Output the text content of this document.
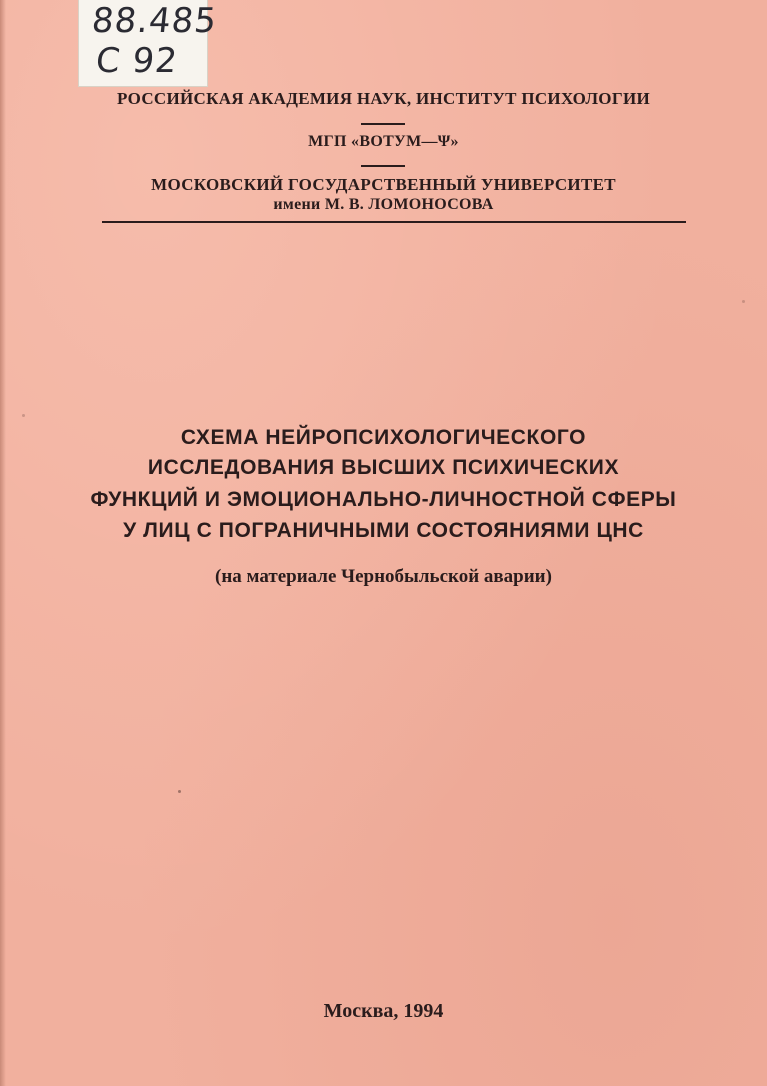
88.485
С 92
РОССИЙСКАЯ АКАДЕМИЯ НАУК, ИНСТИТУТ ПСИХОЛОГИИ
МГП «ВОТУМ—Ψ»
МОСКОВСКИЙ ГОСУДАРСТВЕННЫЙ УНИВЕРСИТЕТ
имени М. В. ЛОМОНОСОВА
СХЕМА НЕЙРОПСИХОЛОГИЧЕСКОГО
ИССЛЕДОВАНИЯ ВЫСШИХ ПСИХИЧЕСКИХ
ФУНКЦИЙ И ЭМОЦИОНАЛЬНО-ЛИЧНОСТНОЙ СФЕРЫ
У ЛИЦ С ПОГРАНИЧНЫМИ СОСТОЯНИЯМИ ЦНС
(на материале Чернобыльской аварии)
Москва, 1994
